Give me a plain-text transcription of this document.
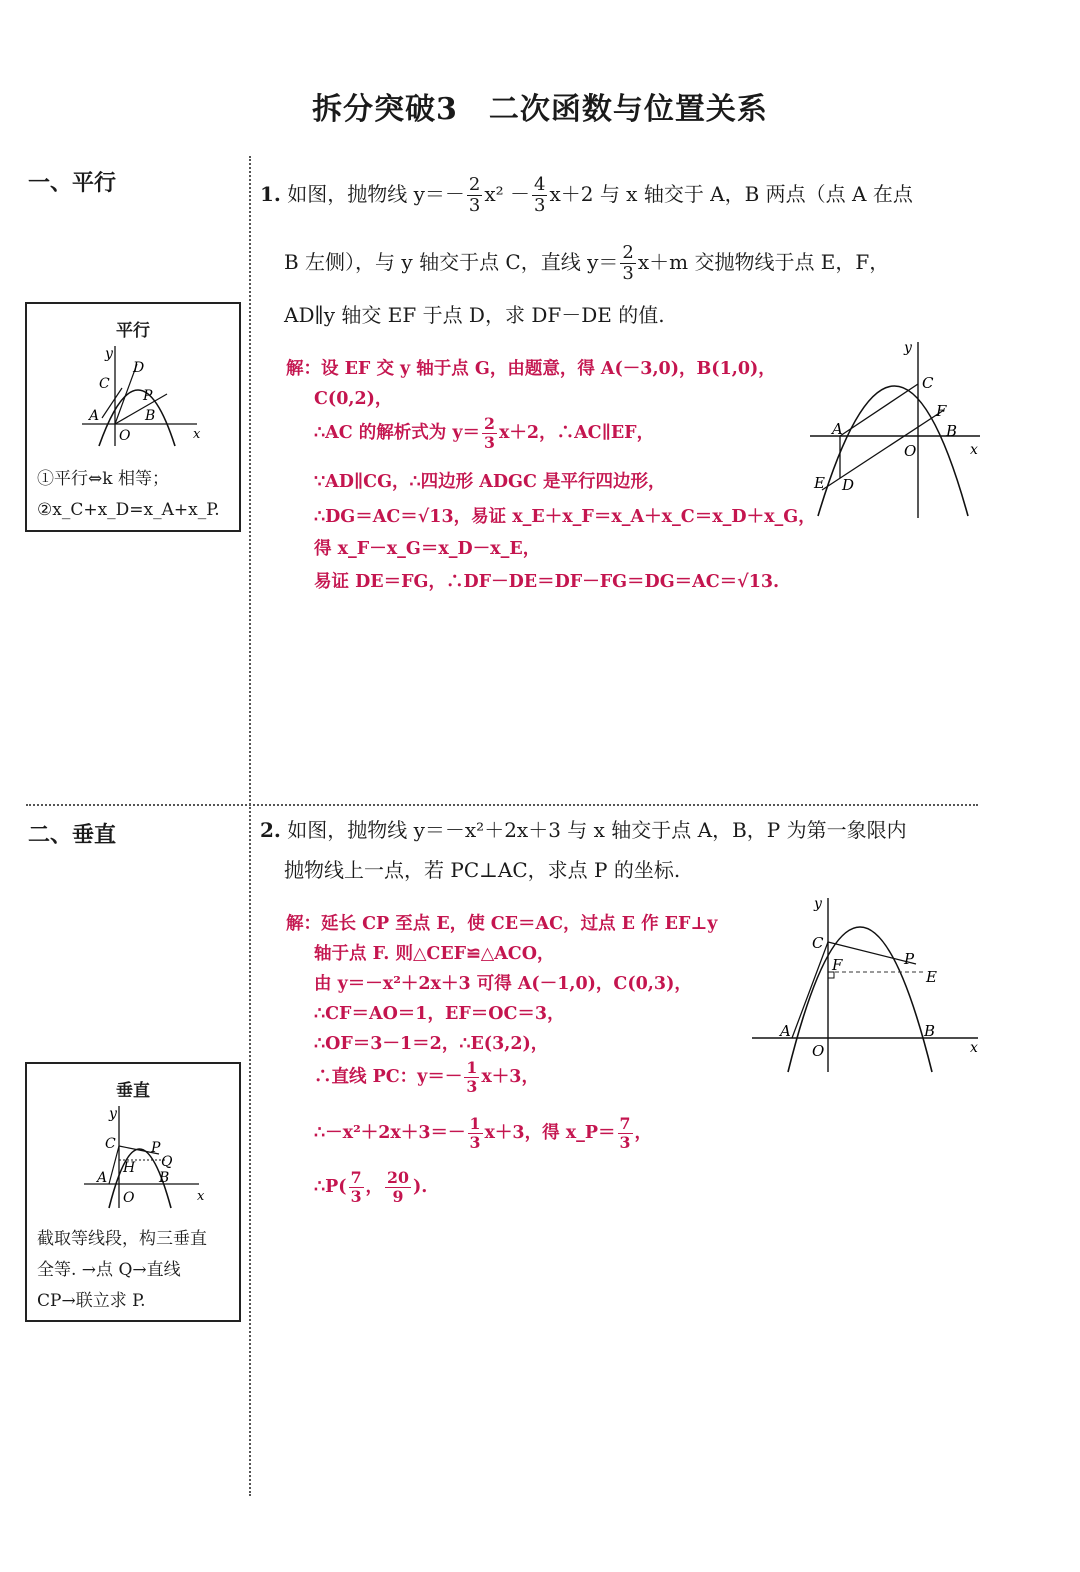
拆分突破3　二次函数与位置关系
一、平行
二、垂直
平行
y
C
D
P
A	B
O	x
①平行⇔k 相等；
②x_C+x_D=x_A+x_P.
垂直
y
C	P
Q
H
A	B
O	x
截取等线段，构三垂直
全等. →点 Q→直线
CP→联立求 P.
1. 如图，抛物线 $y=- \frac{2}{3} x^2 - \frac{4}{3} x+2$ 与 x 轴交于 A，B 两点（点 A 在点
B 左侧），与 y 轴交于点 C，直线 $y= \frac{2}{3} x+m$ 交抛物线于点 E，F，
AD∥y 轴交 EF 于点 D，求 DF－DE 的值.
解：设 EF 交 y 轴于点 G，由题意，得 A(－3,0)，B(1,0)，
C(0,2)，
∴AC 的解析式为 $y= \frac{2}{3} x+2$，∴AC∥EF，
∵AD∥CG，∴四边形 ADGC 是平行四边形，
∴DG＝AC＝√13，易证 x_E＋x_F＝x_A＋x_C＝x_D＋x_G，
得 x_F－x_G＝x_D－x_E，
易证 DE＝FG，∴DF－DE＝DF－FG＝DG＝AC＝√13.
y
C
F
A	B
O	x
E D
2. 如图，抛物线 y＝－x²＋2x＋3 与 x 轴交于点 A，B，P 为第一象限内
抛物线上一点，若 PC⊥AC，求点 P 的坐标.
解：延长 CP 至点 E，使 CE＝AC，过点 E 作 EF⊥y
轴于点 F. 则△CEF≌△ACO，
由 y＝－x²＋2x＋3 可得 A(－1,0)，C(0,3)，
∴CF＝AO＝1，EF＝OC＝3，
∴OF＝3－1＝2，∴E(3,2)，
∴直线 PC：$y=- \frac{1}{3} x+3$，
∴－x²＋2x＋3＝－ $\frac{1}{3} x+3$，得 x_P＝ $\frac{7}{3}$ ，
∴P( $\frac{7}{3}$ ， $\frac{20}{9}$ ).
y
C
F	P
E
A	B
O	x
